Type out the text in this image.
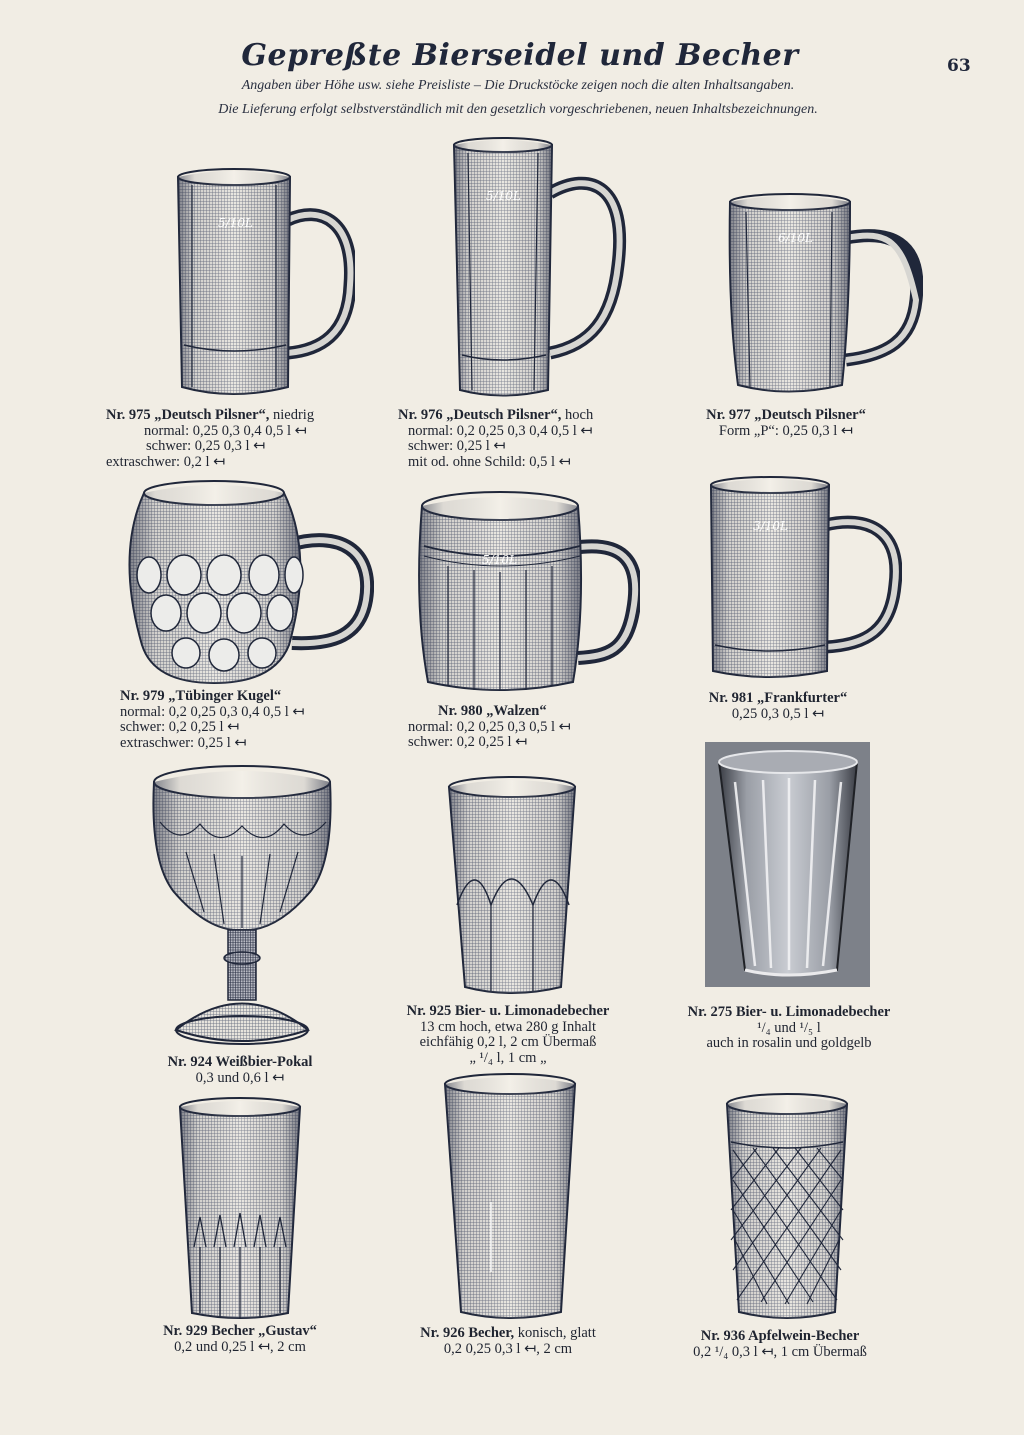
Gepreßte Bierseidel und Becher	63
Angaben über Höhe usw. siehe Preisliste – Die Druckstöcke zeigen noch die alten Inhaltsangaben.
Die Lieferung erfolgt selbstverständlich mit den gesetzlich vorgeschriebenen, neuen Inhaltsbezeichnungen.
5/10L
Nr. 975 „Deutsch Pilsner“, niedrig
normal: 0,25 0,3 0,4 0,5 l ↤
schwer: 0,25 0,3 l ↤
extraschwer: 0,2 l ↤
5/10L
Nr. 976 „Deutsch Pilsner“, hoch
normal: 0,2 0,25 0,3 0,4 0,5 l ↤
schwer: 0,25 l ↤
mit od. ohne Schild: 0,5 l ↤
6/10L
Nr. 977 „Deutsch Pilsner“
Form „P“: 0,25 0,3 l ↤
Nr. 979 „Tübinger Kugel“
normal: 0,2 0,25 0,3 0,4 0,5 l ↤
schwer: 0,2 0,25 l ↤
extraschwer: 0,25 l ↤
5/10L
Nr. 980 „Walzen“
normal: 0,2 0,25 0,3 0,5 l ↤
schwer: 0,2 0,25 l ↤
3/10L
Nr. 981 „Frankfurter“
0,25 0,3 0,5 l ↤
Nr. 924 Weißbier-Pokal
0,3 und 0,6 l ↤
Nr. 925 Bier- u. Limonadebecher
13 cm hoch, etwa 280 g Inhalt
eichfähig 0,2 l, 2 cm Übermaß
„ ¹/₄ l, 1 cm „
Nr. 275 Bier- u. Limonadebecher
¹/₄ und ¹/₅ l
auch in rosalin und goldgelb
Nr. 929 Becher „Gustav“
0,2 und 0,25 l ↤, 2 cm
Nr. 926 Becher, konisch, glatt
0,2 0,25 0,3 l ↤, 2 cm
Nr. 936 Apfelwein-Becher
0,2 ¹/₄ 0,3 l ↤, 1 cm Übermaß
